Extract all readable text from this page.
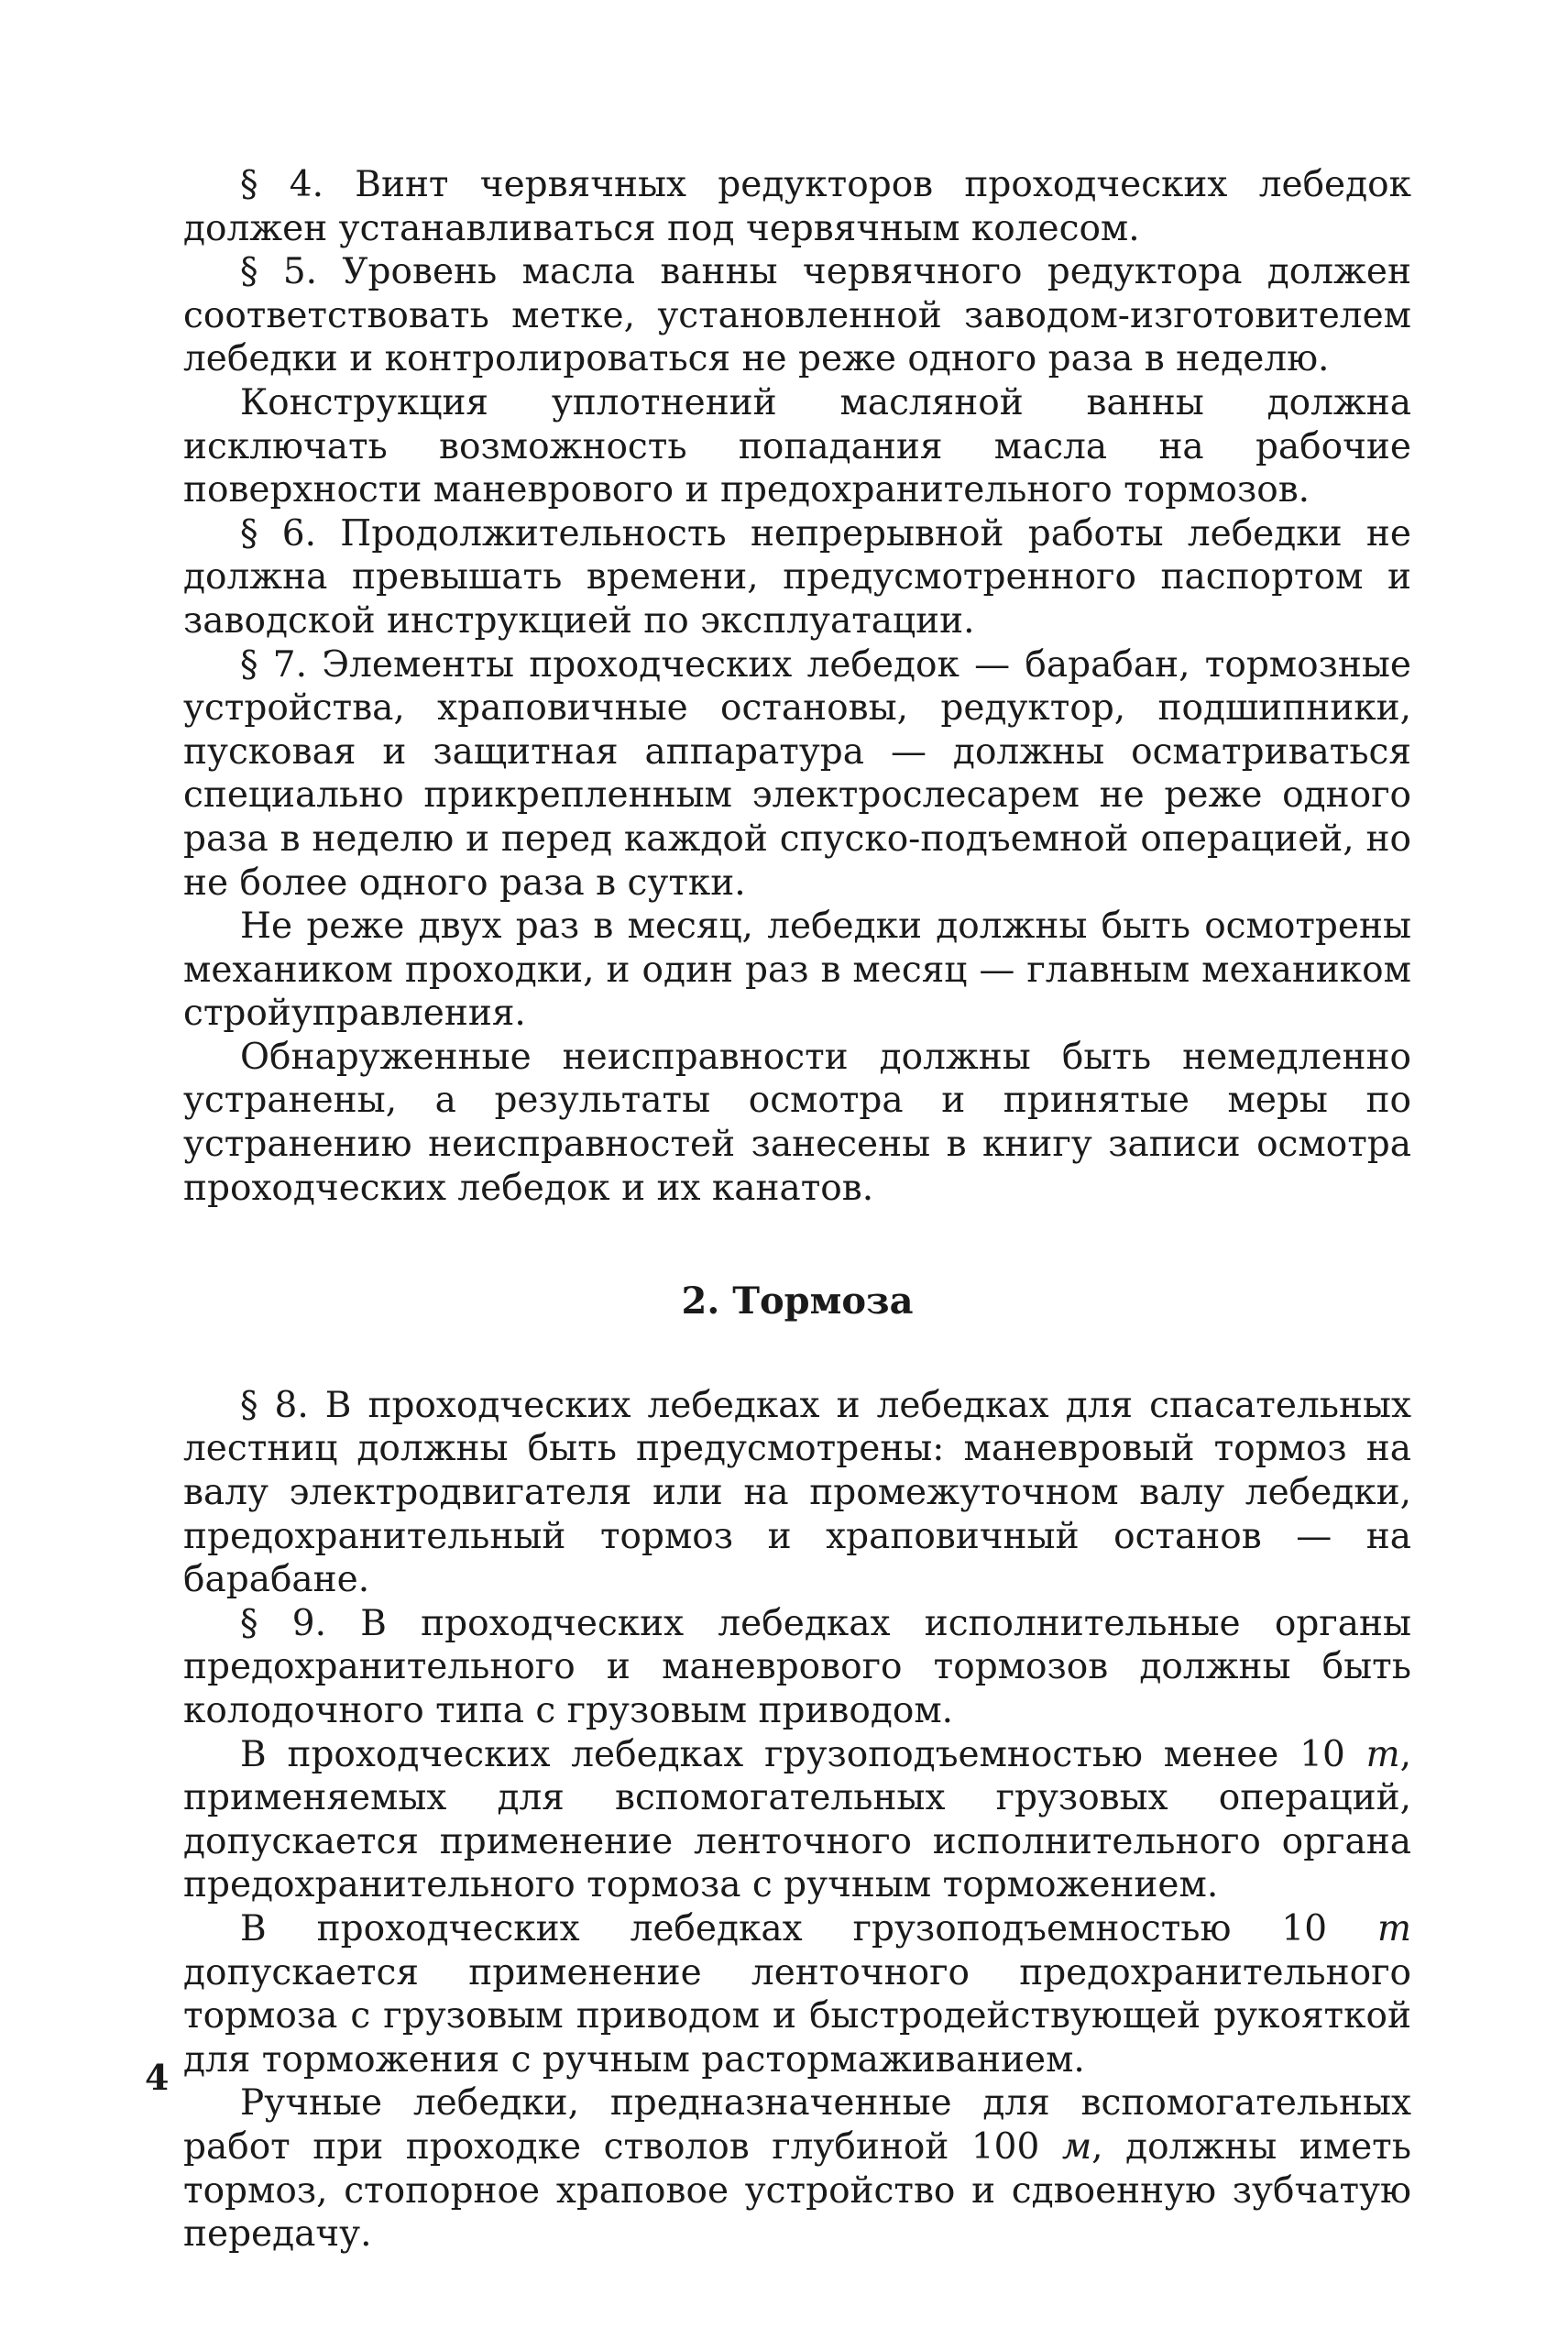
§ 4. Винт червячных редукторов проходческих лебедок должен устанавливаться под червячным колесом.

§ 5. Уровень масла ванны червячного редуктора должен соответствовать метке, установленной заводом-изготовителем лебедки и контролироваться не реже одного раза в неделю.

Конструкция уплотнений масляной ванны должна исключать возможность попадания масла на рабочие поверхности маневрового и предохранительного тормозов.

§ 6. Продолжительность непрерывной работы лебедки не должна превышать времени, предусмотренного паспортом и заводской инструкцией по эксплуатации.

§ 7. Элементы проходческих лебедок — барабан, тормозные устройства, храповичные остановы, редуктор, подшипники, пусковая и защитная аппаратура — должны осматриваться специально прикрепленным электрослесарем не реже одного раза в неделю и перед каждой спуско-подъемной операцией, но не более одного раза в сутки.

Не реже двух раз в месяц, лебедки должны быть осмотрены механиком проходки, и один раз в месяц — главным механиком стройуправления.

Обнаруженные неисправности должны быть немедленно устранены, а результаты осмотра и принятые меры по устранению неисправностей занесены в книгу записи осмотра проходческих лебедок и их канатов.

2. Тормоза

§ 8. В проходческих лебедках и лебедках для спасательных лестниц должны быть предусмотрены: маневровый тормоз на валу электродвигателя или на промежуточном валу лебедки, предохранительный тормоз и храповичный останов — на барабане.

§ 9. В проходческих лебедках исполнительные органы предохранительного и маневрового тормозов должны быть колодочного типа с грузовым приводом.

В проходческих лебедках грузоподъемностью менее 10 т, применяемых для вспомогательных грузовых операций, допускается применение ленточного исполнительного органа предохранительного тормоза с ручным торможением.

В проходческих лебедках грузоподъемностью 10 т допускается применение ленточного предохранительного тормоза с грузовым приводом и быстродействующей рукояткой для торможения с ручным растормаживанием.

Ручные лебедки, предназначенные для вспомогательных работ при проходке стволов глубиной 100 м, должны иметь тормоз, стопорное храповое устройство и сдвоенную зубчатую передачу.

4
